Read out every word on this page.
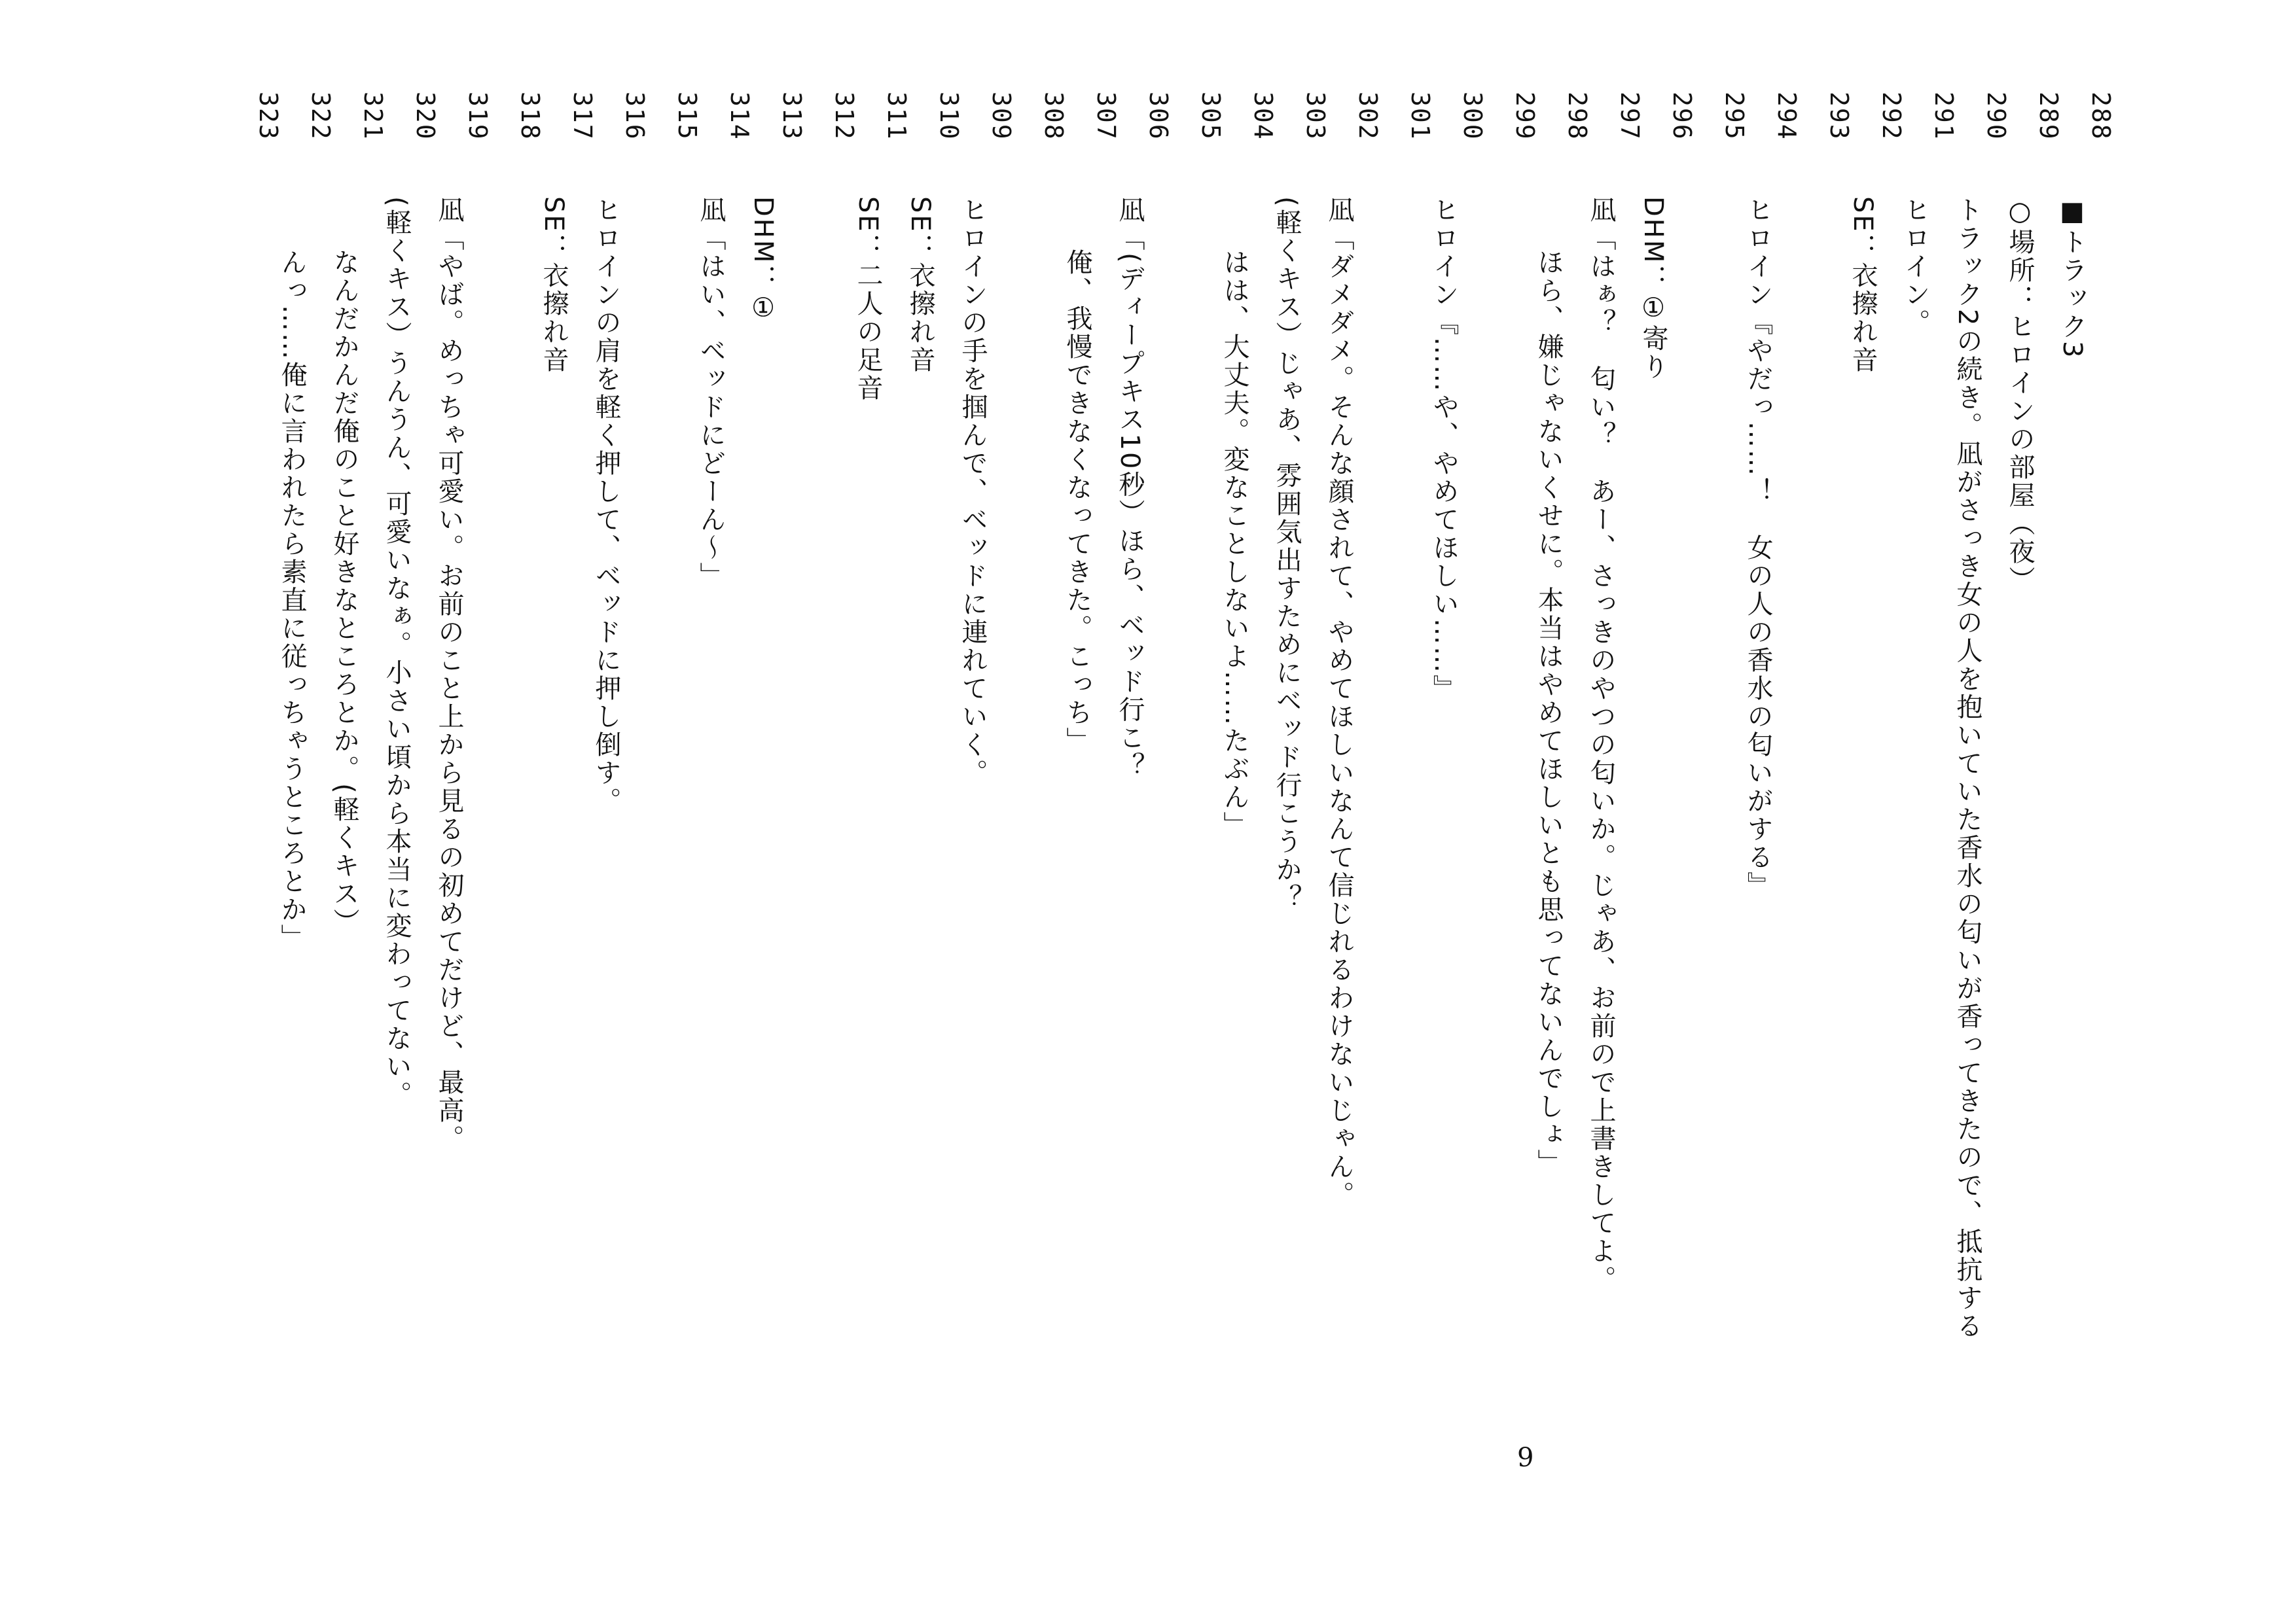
288
289
290
291
292
293
294
295
296
297
298
299
300
301
302
303
304
305
306
307
308
309
310
311
312
313
314
315
316
317
318
319
320
321
322
323
■トラック3
○場所：ヒロインの部屋（夜）
トラック2の続き。凪がさっき女の人を抱いていた香水の匂いが香ってきたので、抵抗する
ヒロイン。
SE：衣擦れ音
ヒロイン『やだっ……！　女の人の香水の匂いがする』
DHM：①寄り
凪「はぁ？　匂い？　あー、さっきのやつの匂いか。じゃあ、お前ので上書きしてよ。
ほら、嫌じゃないくせに。本当はやめてほしいとも思ってないんでしょ」
ヒロイン『……や、やめてほしい……』
凪「ダメダメ。そんな顔されて、やめてほしいなんて信じれるわけないじゃん。
(軽くキス）じゃあ、雰囲気出すためにベッド行こうか？
はは、大丈夫。変なことしないよ……たぶん」
凪「(ディープキス10秒）ほら、ベッド行こ？
俺、我慢できなくなってきた。こっち」
ヒロインの手を掴んで、ベッドに連れていく。
SE：衣擦れ音
SE：二人の足音
DHM：①
凪「はい、ベッドにどーん～」
ヒロインの肩を軽く押して、ベッドに押し倒す。
SE：衣擦れ音
凪「やば。めっちゃ可愛い。お前のこと上から見るの初めてだけど、最高。
(軽くキス）うんうん、可愛いなぁ。小さい頃から本当に変わってない。
なんだかんだ俺のこと好きなところとか。(軽くキス）
んっ……俺に言われたら素直に従っちゃうところとか」
9
